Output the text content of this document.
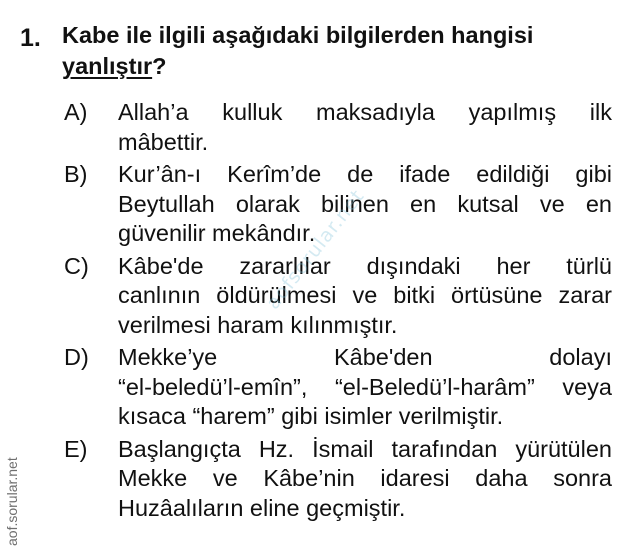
1. Kabe ile ilgili aşağıdaki bilgilerden hangisi
yanlıştır?
A)	Allah’a kulluk maksadıyla yapılmış ilk
mâbettir.
B)	Kur’ân-ı Kerîm’de de ifade edildiği gibi
Beytullah olarak bilinen en kutsal ve en
güvenilir mekândır.
C)	Kâbe'de zararlılar dışındaki her türlü
canlının öldürülmesi ve bitki örtüsüne zarar
verilmesi haram kılınmıştır.
D)	Mekke’ye Kâbe'den dolayı
“el-beledü’l-emîn”, “el-Beledü’l-harâm” veya
kısaca “harem” gibi isimler verilmiştir.
E)	Başlangıçta Hz. İsmail tarafından yürütülen
Mekke ve Kâbe’nin idaresi daha sonra
Huzâalıların eline geçmiştir.
aofsorular.net
aof.sorular.net
